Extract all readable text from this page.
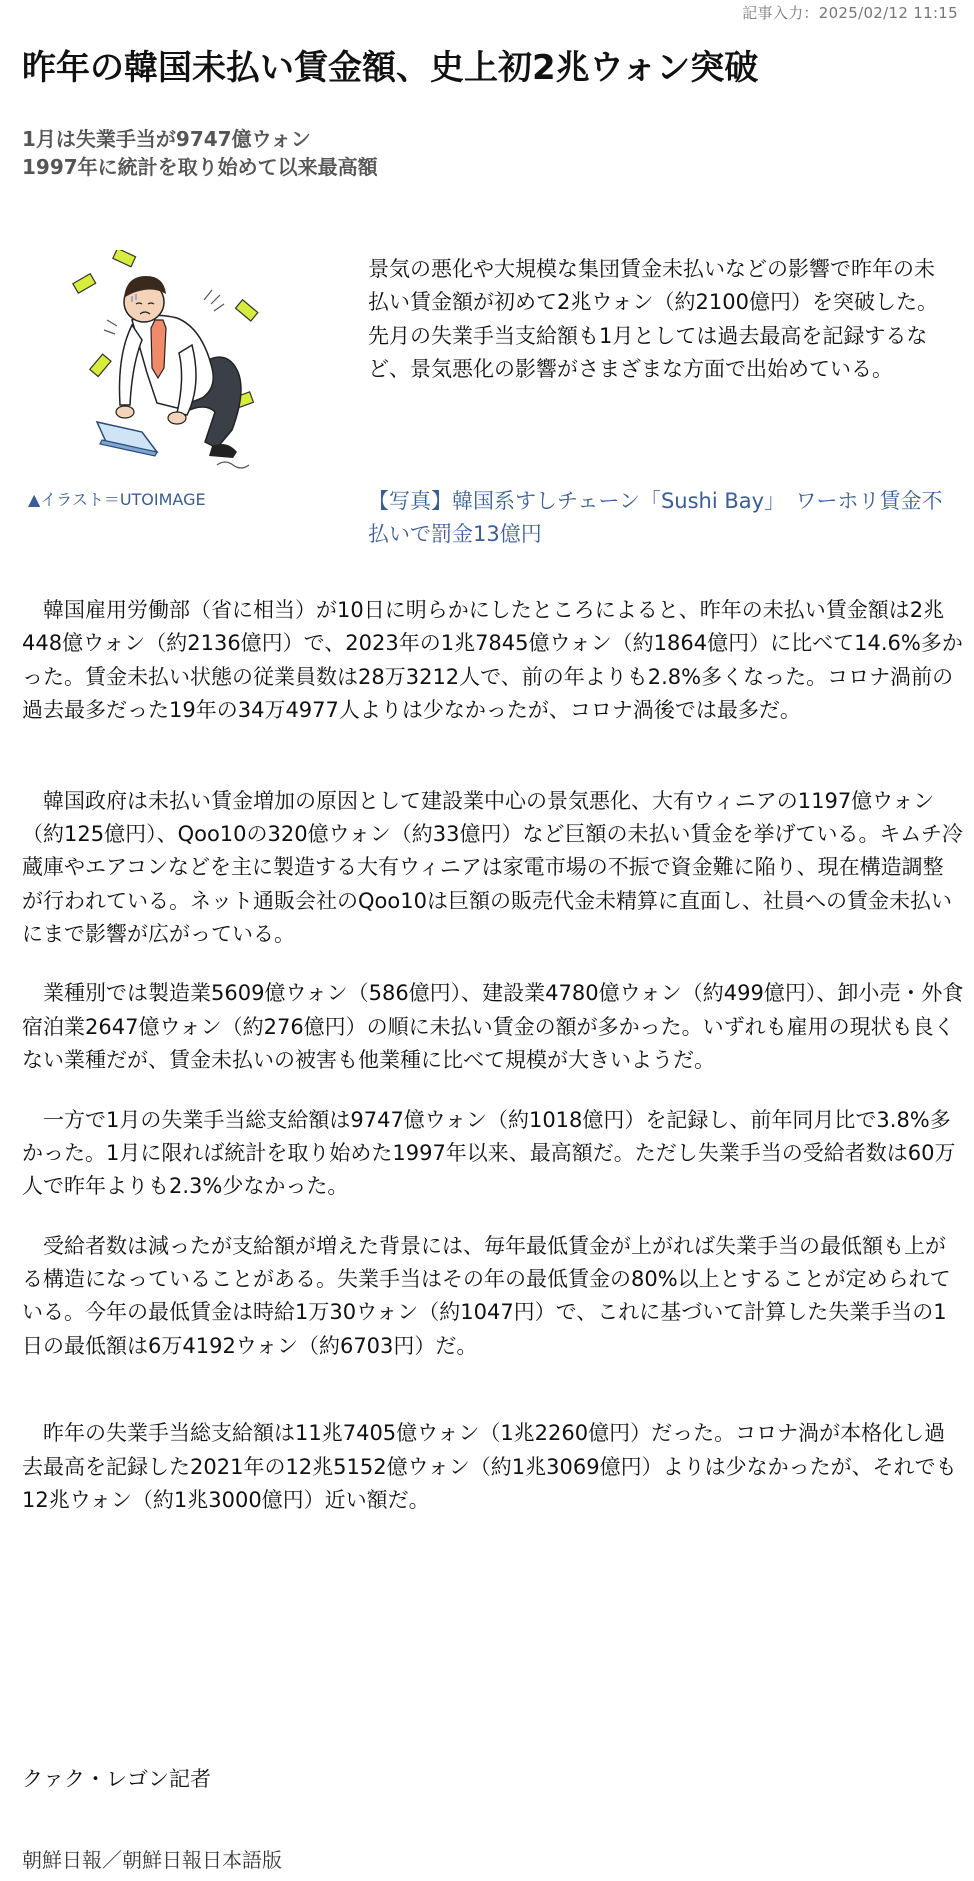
記事入力：2025/02/12 11:15
昨年の韓国未払い賃金額、史上初2兆ウォン突破
1月は失業手当が9747億ウォン
1997年に統計を取り始めて以来最高額
▲イラスト＝UTOIMAGE

景気の悪化や大規模な集団賃金未払いなどの影響で昨年の未払い賃金額が初めて2兆ウォン（約2100億円）を突破した。先月の失業手当支給額も1月としては過去最高を記録するなど、景気悪化の影響がさまざまな方面で出始めている。

【写真】韓国系すしチェーン「Sushi Bay」　ワーホリ賃金不払いで罰金13億円

韓国雇用労働部（省に相当）が10日に明らかにしたところによると、昨年の未払い賃金額は2兆448億ウォン（約2136億円）で、2023年の1兆7845億ウォン（約1864億円）に比べて14.6%多かった。賃金未払い状態の従業員数は28万3212人で、前の年よりも2.8%多くなった。コロナ渦前の過去最多だった19年の34万4977人よりは少なかったが、コロナ渦後では最多だ。

韓国政府は未払い賃金増加の原因として建設業中心の景気悪化、大有ウィニアの1197億ウォン（約125億円）、Qoo10の320億ウォン（約33億円）など巨額の未払い賃金を挙げている。キムチ冷蔵庫やエアコンなどを主に製造する大有ウィニアは家電市場の不振で資金難に陥り、現在構造調整が行われている。ネット通販会社のQoo10は巨額の販売代金未精算に直面し、社員への賃金未払いにまで影響が広がっている。

業種別では製造業5609億ウォン（586億円）、建設業4780億ウォン（約499億円）、卸小売・外食宿泊業2647億ウォン（約276億円）の順に未払い賃金の額が多かった。いずれも雇用の現状も良くない業種だが、賃金未払いの被害も他業種に比べて規模が大きいようだ。

一方で1月の失業手当総支給額は9747億ウォン（約1018億円）を記録し、前年同月比で3.8%多かった。1月に限れば統計を取り始めた1997年以来、最高額だ。ただし失業手当の受給者数は60万人で昨年よりも2.3%少なかった。

受給者数は減ったが支給額が増えた背景には、毎年最低賃金が上がれば失業手当の最低額も上がる構造になっていることがある。失業手当はその年の最低賃金の80%以上とすることが定められている。今年の最低賃金は時給1万30ウォン（約1047円）で、これに基づいて計算した失業手当の1日の最低額は6万4192ウォン（約6703円）だ。

昨年の失業手当総支給額は11兆7405億ウォン（1兆2260億円）だった。コロナ渦が本格化し過去最高を記録した2021年の12兆5152億ウォン（約1兆3069億円）よりは少なかったが、それでも12兆ウォン（約1兆3000億円）近い額だ。

クァク・レゴン記者
朝鮮日報／朝鮮日報日本語版
